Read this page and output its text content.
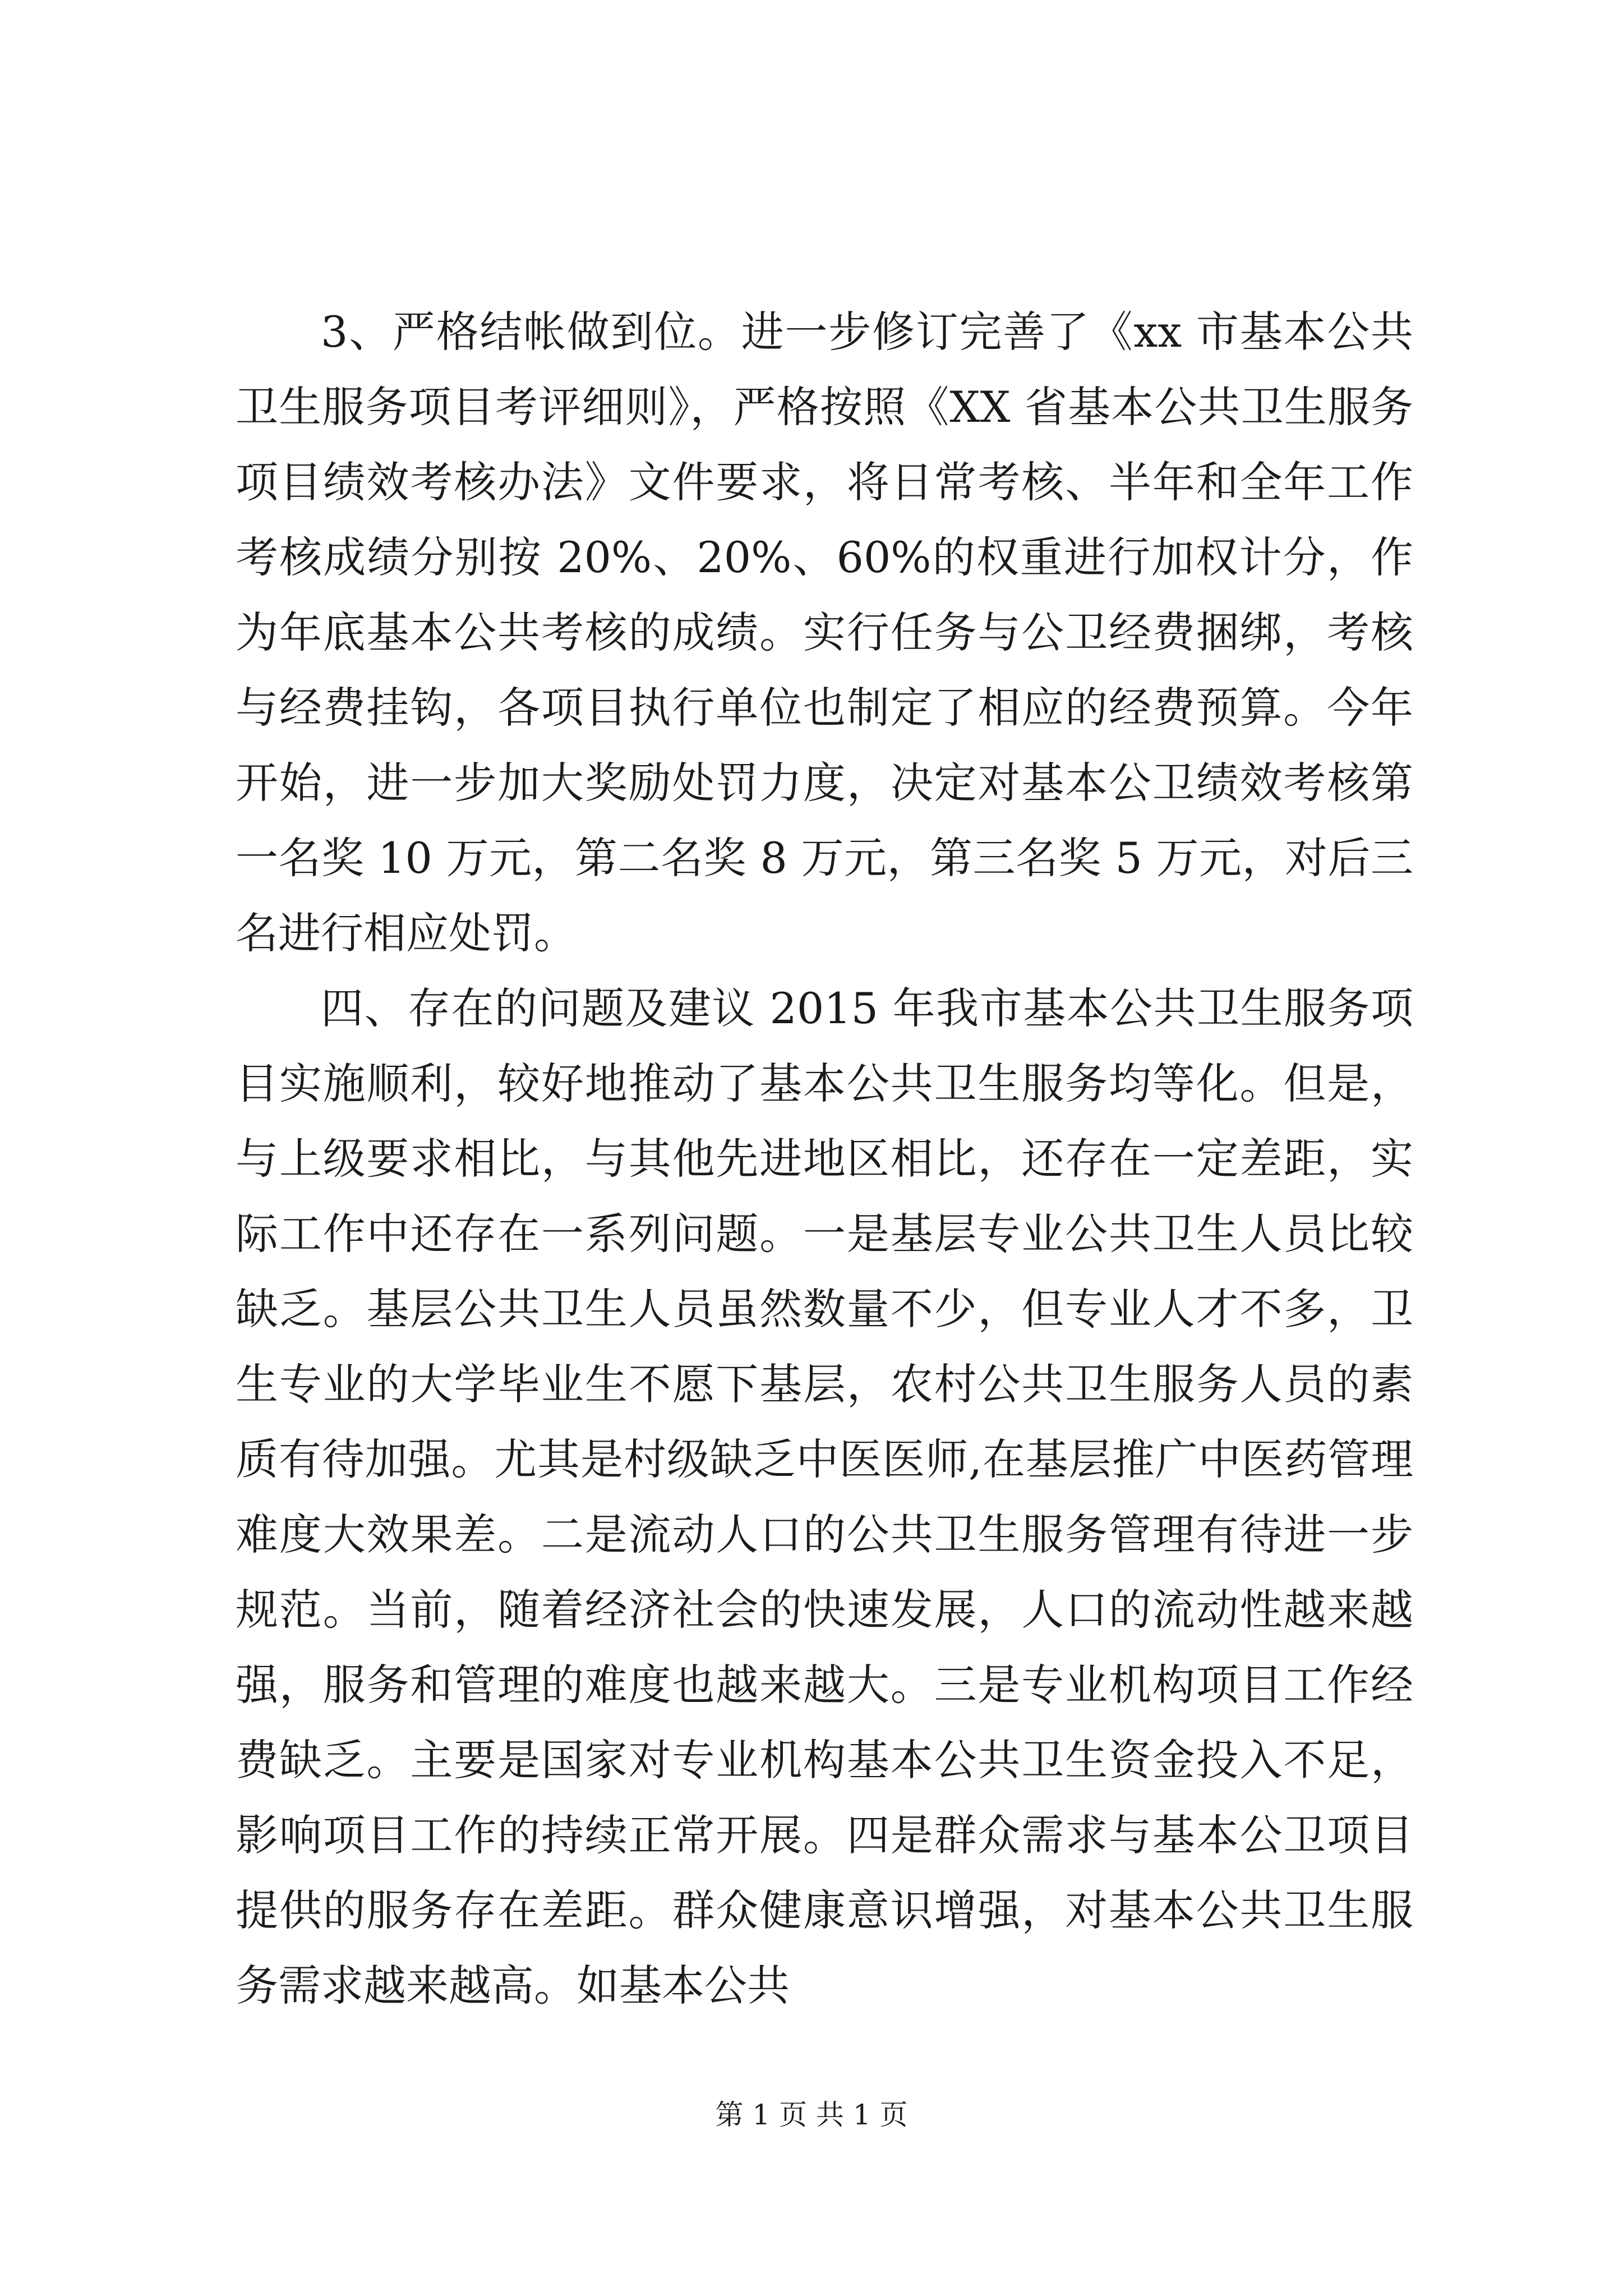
3、严格结帐做到位。进一步修订完善了《xx 市基本公共卫生服务项目考评细则》，严格按照《XX 省基本公共卫生服务项目绩效考核办法》文件要求，将日常考核、半年和全年工作考核成绩分别按 20%、20%、60%的权重进行加权计分，作为年底基本公共考核的成绩。实行任务与公卫经费捆绑，考核与经费挂钩，各项目执行单位也制定了相应的经费预算。今年开始，进一步加大奖励处罚力度，决定对基本公卫绩效考核第一名奖 10 万元，第二名奖 8 万元，第三名奖 5 万元，对后三名进行相应处罚。

四、存在的问题及建议 2015 年我市基本公共卫生服务项目实施顺利，较好地推动了基本公共卫生服务均等化。但是，与上级要求相比，与其他先进地区相比，还存在一定差距，实际工作中还存在一系列问题。一是基层专业公共卫生人员比较缺乏。基层公共卫生人员虽然数量不少，但专业人才不多，卫生专业的大学毕业生不愿下基层，农村公共卫生服务人员的素质有待加强。尤其是村级缺乏中医医师,在基层推广中医药管理难度大效果差。二是流动人口的公共卫生服务管理有待进一步规范。当前，随着经济社会的快速发展，人口的流动性越来越强，服务和管理的难度也越来越大。三是专业机构项目工作经费缺乏。主要是国家对专业机构基本公共卫生资金投入不足，影响项目工作的持续正常开展。四是群众需求与基本公卫项目提供的服务存在差距。群众健康意识增强，对基本公共卫生服务需求越来越高。如基本公共

第 1 页 共 1 页
